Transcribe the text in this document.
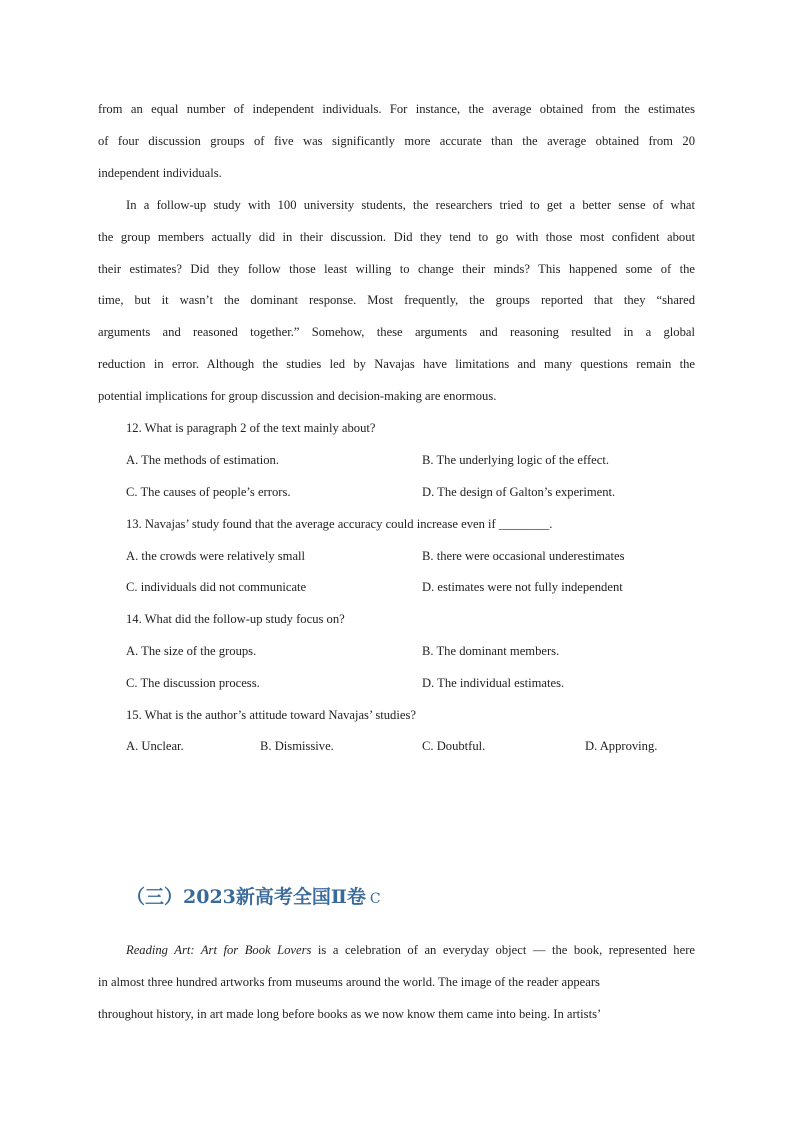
from an equal number of independent individuals. For instance, the average obtained from the estimates
of four discussion groups of five was significantly more accurate than the average obtained from 20
independent individuals.
In a follow-up study with 100 university students, the researchers tried to get a better sense of what
the group members actually did in their discussion. Did they tend to go with those most confident about
their estimates? Did they follow those least willing to change their minds? This happened some of the
time, but it wasn’t the dominant response. Most frequently, the groups reported that they “shared
arguments and reasoned together.” Somehow, these arguments and reasoning resulted in a global
reduction in error. Although the studies led by Navajas have limitations and many questions remain the
potential implications for group discussion and decision-making are enormous.

12. What is paragraph 2 of the text mainly about?

A. The methods of estimation.	B. The underlying logic of the effect.

C. The causes of people’s errors.	D. The design of Galton’s experiment.

13. Navajas’ study found that the average accuracy could increase even if ________.

A. the crowds were relatively small	B. there were occasional underestimates

C. individuals did not communicate	D. estimates were not fully independent

14. What did the follow-up study focus on?

A. The size of the groups.	B. The dominant members.

C. The discussion process.	D. The individual estimates.

15. What is the author’s attitude toward Navajas’ studies?

A. Unclear.	B. Dismissive.	C. Doubtful.	D. Approving.

（三）2023新高考全国Ⅱ卷 C
Reading Art: Art for Book Lovers is a celebration of an everyday object — the book, represented here
in almost three hundred artworks from museums around the world. The image of the reader appears
throughout history, in art made long before books as we now know them came into being. In artists’
